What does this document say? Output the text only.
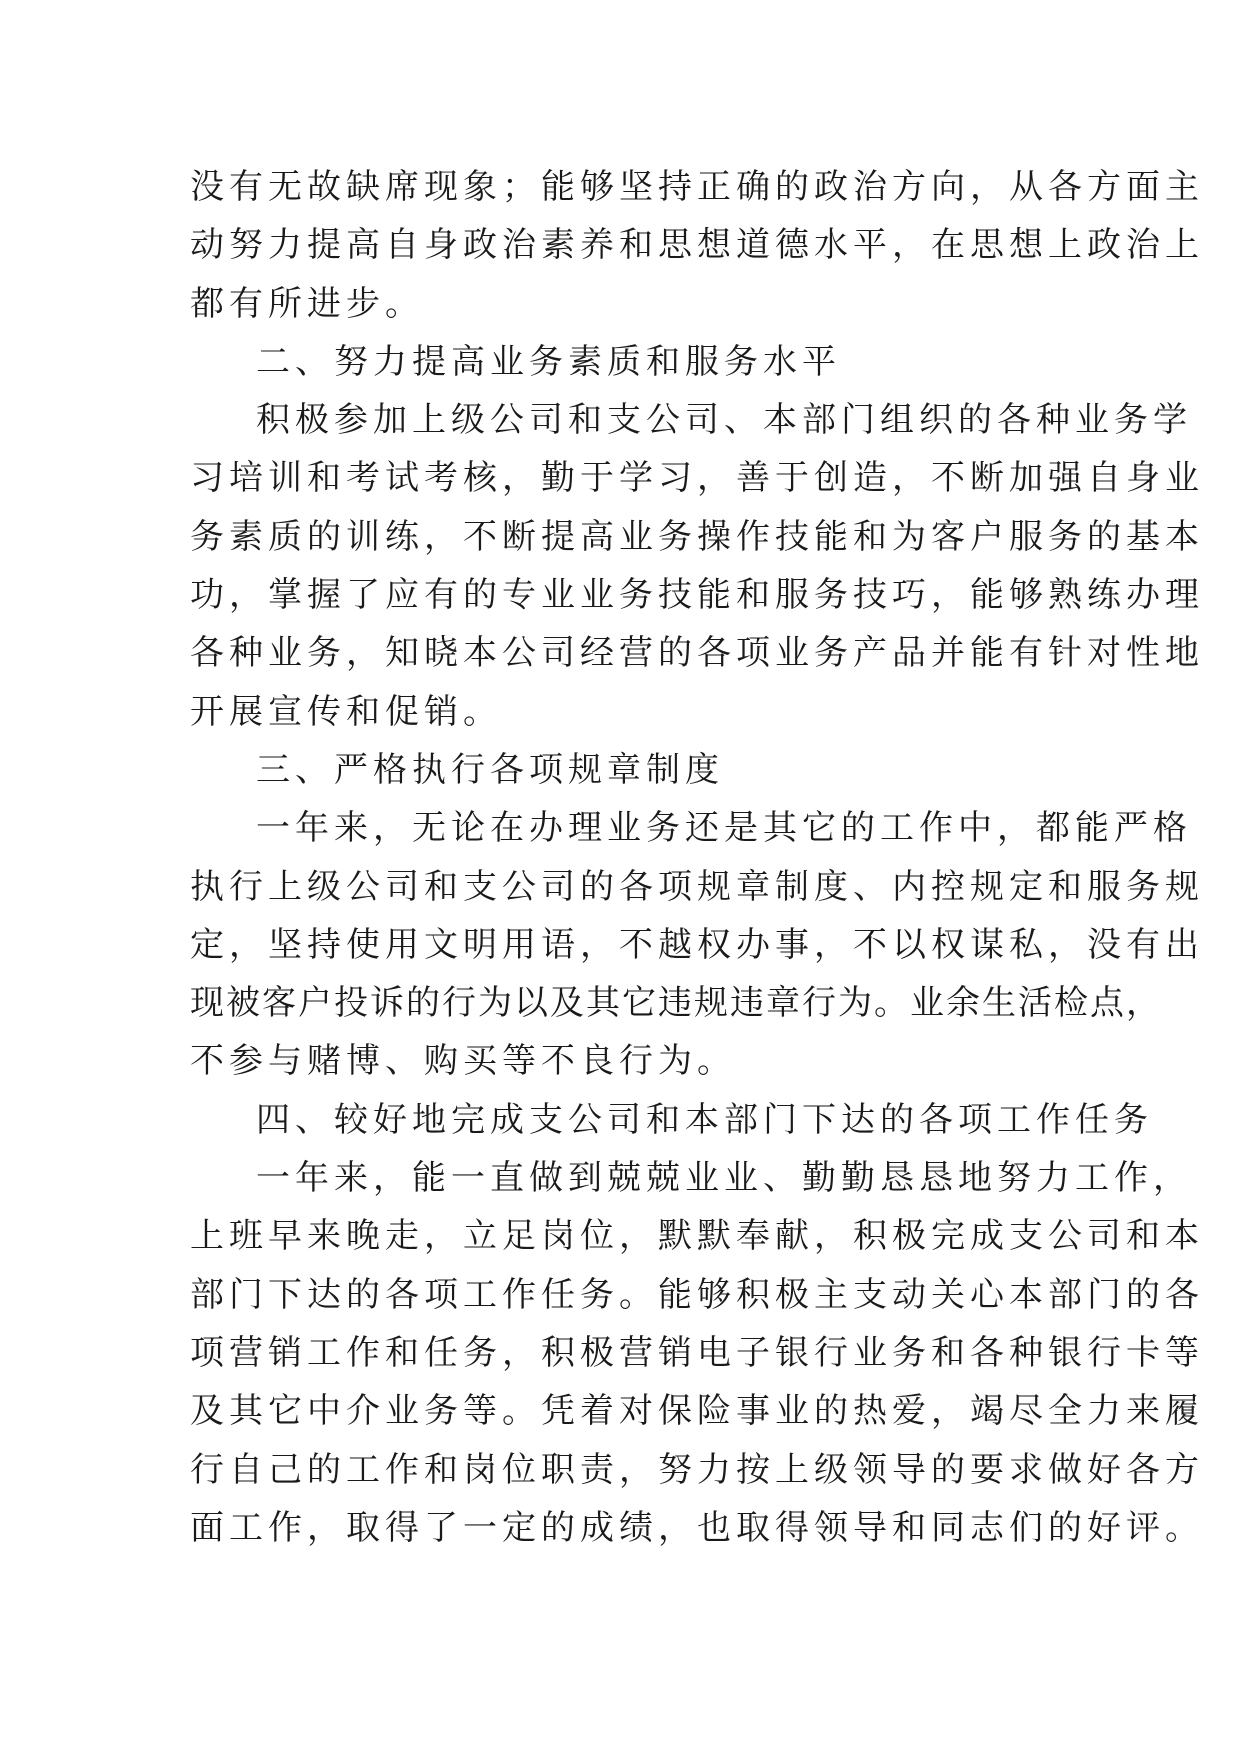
没有无故缺席现象；能够坚持正确的政治方向，从各方面主
动努力提高自身政治素养和思想道德水平，在思想上政治上
都有所进步。
二、努力提高业务素质和服务水平
积极参加上级公司和支公司、本部门组织的各种业务学
习培训和考试考核，勤于学习，善于创造，不断加强自身业
务素质的训练，不断提高业务操作技能和为客户服务的基本
功，掌握了应有的专业业务技能和服务技巧，能够熟练办理
各种业务，知晓本公司经营的各项业务产品并能有针对性地
开展宣传和促销。
三、严格执行各项规章制度
一年来，无论在办理业务还是其它的工作中，都能严格
执行上级公司和支公司的各项规章制度、内控规定和服务规
定，坚持使用文明用语，不越权办事，不以权谋私，没有出
现被客户投诉的行为以及其它违规违章行为。业余生活检点，
不参与赌博、购买等不良行为。
四、较好地完成支公司和本部门下达的各项工作任务
一年来，能一直做到兢兢业业、勤勤恳恳地努力工作，
上班早来晚走，立足岗位，默默奉献，积极完成支公司和本
部门下达的各项工作任务。能够积极主支动关心本部门的各
项营销工作和任务，积极营销电子银行业务和各种银行卡等
及其它中介业务等。凭着对保险事业的热爱，竭尽全力来履
行自己的工作和岗位职责，努力按上级领导的要求做好各方
面工作，取得了一定的成绩，也取得领导和同志们的好评。
